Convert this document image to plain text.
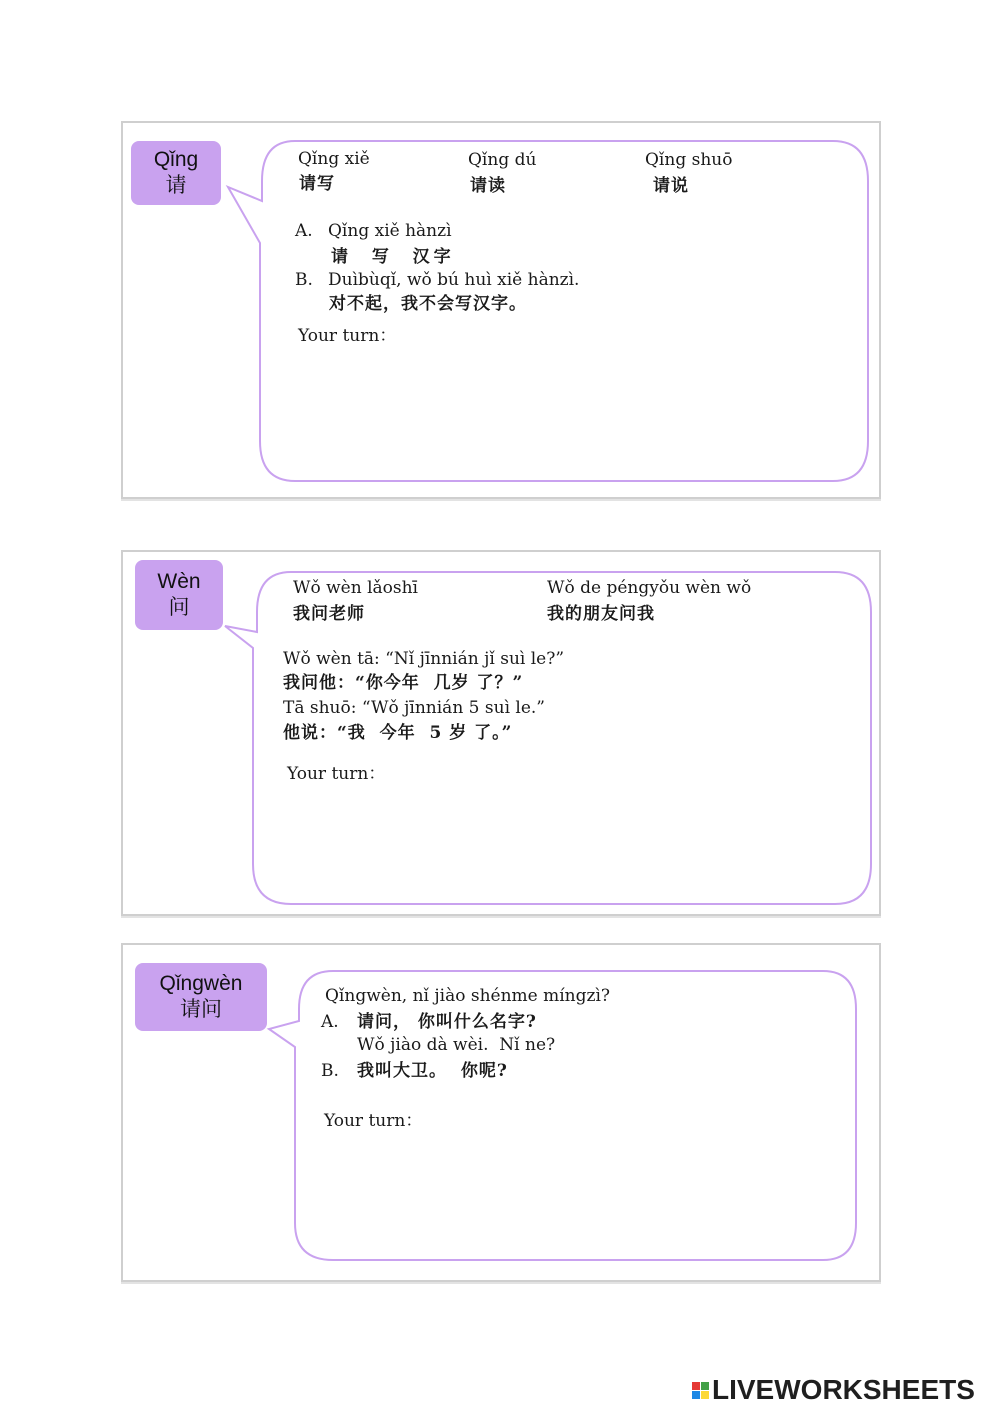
Qǐng
请
Qǐng xiě
请写
Qǐng dú
请读
Qǐng shuō
请说
A. Qǐng xiě hànzì
请  写  汉字
B. Duìbùqǐ, wǒ bú huì xiě hànzì.
对不起，我不会写汉字。
Your turn：
Wèn
问
Wǒ wèn lǎoshī
我问老师
Wǒ de péngyǒu wèn wǒ
我的朋友问我
Wǒ wèn tā: “Nǐ jīnnián jǐ suì le?”
我问他：“你今年  几岁 了？”
Tā shuō: “Wǒ jīnnián 5 suì le.”
他说：“我  今年  5 岁 了。”
Your turn：
Qǐngwèn
请问
Qǐngwèn, nǐ jiào shénme míngzì?
A. 请问， 你叫什么名字?
Wǒ jiào dà wèi.  Nǐ ne?
B. 我叫大卫。  你呢?
Your turn：
LIVEWORKSHEETS
